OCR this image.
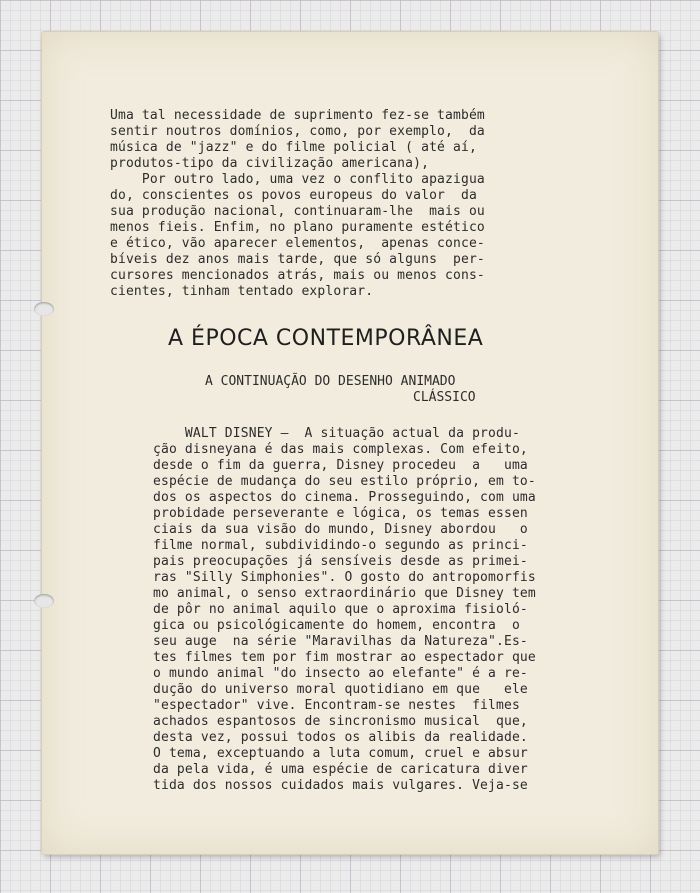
Uma tal necessidade de suprimento fez-se também
sentir noutros domínios, como, por exemplo,  da
música de "jazz" e do filme policial ( até aí,
produtos-tipo da civilização americana),
Por outro lado, uma vez o conflito apazigua
do, conscientes os povos europeus do valor  da
sua produção nacional, continuaram-lhe  mais ou
menos fieis. Enfim, no plano puramente estético
e ético, vão aparecer elementos,  apenas conce-
bíveis dez anos mais tarde, que só alguns  per-
cursores mencionados atrás, mais ou menos cons-
cientes, tinham tentado explorar.
A ÉPOCA CONTEMPORÂNEA
A CONTINUAÇÃO DO DESENHO ANIMADO
CLÁSSICO
WALT DISNEY —  A situação actual da produ-
ção disneyana é das mais complexas. Com efeito,
desde o fim da guerra, Disney procedeu  a   uma
espécie de mudança do seu estilo próprio, em to-
dos os aspectos do cinema. Prosseguindo, com uma
probidade perseverante e lógica, os temas essen
ciais da sua visão do mundo, Disney abordou   o
filme normal, subdividindo-o segundo as princi-
pais preocupações já sensíveis desde as primei-
ras "Silly Simphonies". O gosto do antropomorfis
mo animal, o senso extraordinário que Disney tem
de pôr no animal aquilo que o aproxima fisioló-
gica ou psicológicamente do homem, encontra  o
seu auge  na série "Maravilhas da Natureza".Es-
tes filmes tem por fim mostrar ao espectador que
o mundo animal "do insecto ao elefante" é a re-
dução do universo moral quotidiano em que   ele
"espectador" vive. Encontram-se nestes  filmes
achados espantosos de sincronismo musical  que,
desta vez, possui todos os alibis da realidade.
O tema, exceptuando a luta comum, cruel e absur
da pela vida, é uma espécie de caricatura diver
tida dos nossos cuidados mais vulgares. Veja-se
